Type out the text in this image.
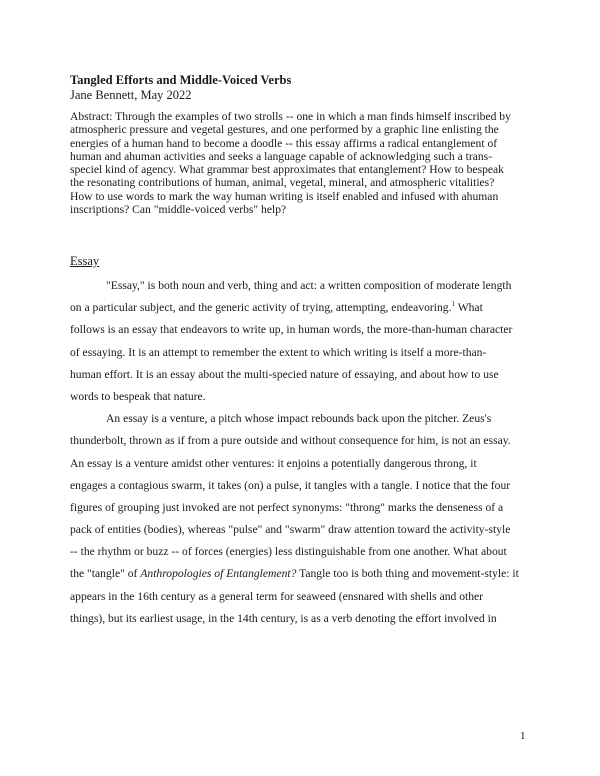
Tangled Efforts and Middle-Voiced Verbs
Jane Bennett, May 2022
Abstract: Through the examples of two strolls -- one in which a man finds himself inscribed by
atmospheric pressure and vegetal gestures, and one performed by a graphic line enlisting the
energies of a human hand to become a doodle -- this essay affirms a radical entanglement of
human and ahuman activities and seeks a language capable of acknowledging such a trans-
speciel kind of agency. What grammar best approximates that entanglement? How to bespeak
the resonating contributions of human, animal, vegetal, mineral, and atmospheric vitalities?
How to use words to mark the way human writing is itself enabled and infused with ahuman
inscriptions? Can "middle-voiced verbs" help?
Essay
"Essay," is both noun and verb, thing and act: a written composition of moderate length
on a particular subject, and the generic activity of trying, attempting, endeavoring.$^1$ What
follows is an essay that endeavors to write up, in human words, the more-than-human character
of essaying. It is an attempt to remember the extent to which writing is itself a more-than-
human effort. It is an essay about the multi-specied nature of essaying, and about how to use
words to bespeak that nature.
An essay is a venture, a pitch whose impact rebounds back upon the pitcher. Zeus's
thunderbolt, thrown as if from a pure outside and without consequence for him, is not an essay.
An essay is a venture amidst other ventures: it enjoins a potentially dangerous throng, it
engages a contagious swarm, it takes (on) a pulse, it tangles with a tangle. I notice that the four
figures of grouping just invoked are not perfect synonyms: "throng" marks the denseness of a
pack of entities (bodies), whereas "pulse" and "swarm" draw attention toward the activity-style
-- the rhythm or buzz -- of forces (energies) less distinguishable from one another. What about
the "tangle" of Anthropologies of Entanglement? Tangle too is both thing and movement-style: it
appears in the 16th century as a general term for seaweed (ensnared with shells and other
things), but its earliest usage, in the 14th century, is as a verb denoting the effort involved in
1
